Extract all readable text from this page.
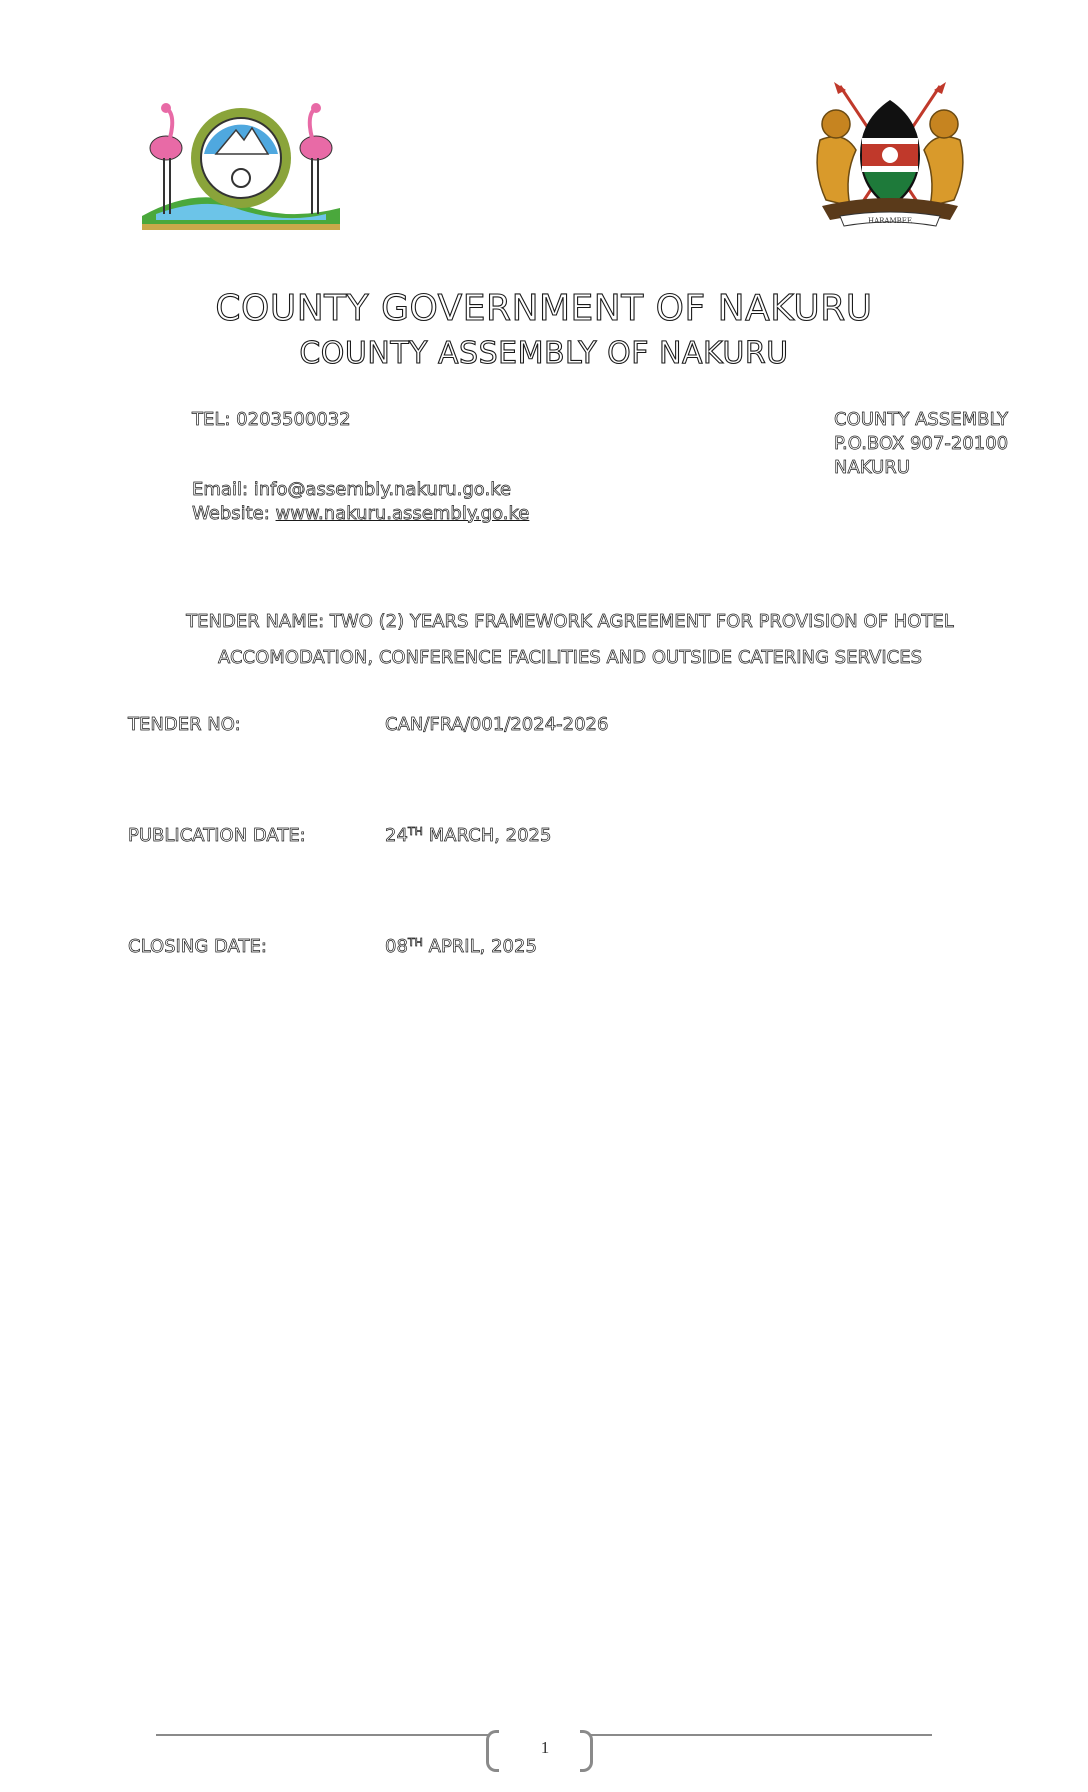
HARAMBEE
COUNTY GOVERNMENT OF NAKURU
COUNTY ASSEMBLY OF NAKURU
TEL: 0203500032	COUNTY ASSEMBLY
P.O.BOX 907-20100
NAKURU
Email: info@assembly.nakuru.go.ke
Website: www.nakuru.assembly.go.ke
TENDER NAME: TWO (2) YEARS FRAMEWORK AGREEMENT FOR PROVISION OF HOTEL
ACCOMODATION, CONFERENCE FACILITIES AND OUTSIDE CATERING SERVICES
TENDER NO:	CAN/FRA/001/2024-2026
PUBLICATION DATE:	24TH MARCH, 2025
CLOSING DATE:	08TH APRIL, 2025
1
